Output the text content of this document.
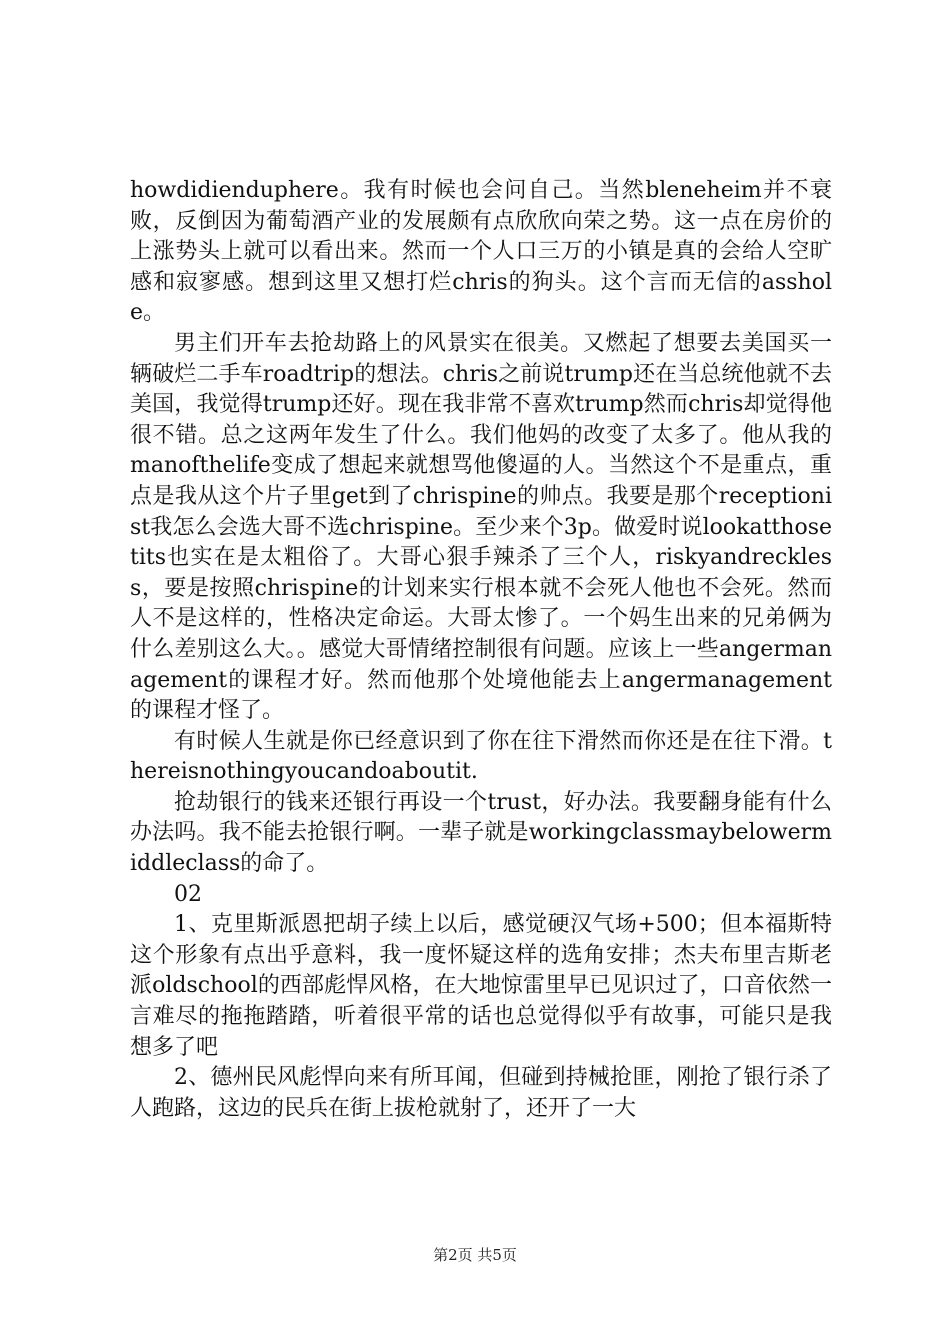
howdidienduphere。我有时候也会问自己。当然bleneheim并不衰败，反倒因为葡萄酒产业的发展颇有点欣欣向荣之势。这一点在房价的上涨势头上就可以看出来。然而一个人口三万的小镇是真的会给人空旷感和寂寥感。想到这里又想打烂chris的狗头。这个言而无信的asshole。

男主们开车去抢劫路上的风景实在很美。又燃起了想要去美国买一辆破烂二手车roadtrip的想法。chris之前说trump还在当总统他就不去美国，我觉得trump还好。现在我非常不喜欢trump然而chris却觉得他很不错。总之这两年发生了什么。我们他妈的改变了太多了。他从我的manofthelife变成了想起来就想骂他傻逼的人。当然这个不是重点，重点是我从这个片子里get到了chrispine的帅点。我要是那个receptionist我怎么会选大哥不选chrispine。至少来个3p。做爱时说lookatthosetits也实在是太粗俗了。大哥心狠手辣杀了三个人，riskyandreckless，要是按照chrispine的计划来实行根本就不会死人他也不会死。然而人不是这样的，性格决定命运。大哥太惨了。一个妈生出来的兄弟俩为什么差别这么大。。感觉大哥情绪控制很有问题。应该上一些angermanagement的课程才好。然而他那个处境他能去上angermanagement的课程才怪了。

有时候人生就是你已经意识到了你在往下滑然而你还是在往下滑。thereisnothingyoucandoaboutit.

抢劫银行的钱来还银行再设一个trust，好办法。我要翻身能有什么办法吗。我不能去抢银行啊。一辈子就是workingclassmaybelowermiddleclass的命了。

02

1、克里斯派恩把胡子续上以后，感觉硬汉气场+500；但本福斯特这个形象有点出乎意料，我一度怀疑这样的选角安排；杰夫布里吉斯老派oldschool的西部彪悍风格，在大地惊雷里早已见识过了，口音依然一言难尽的拖拖踏踏，听着很平常的话也总觉得似乎有故事，可能只是我想多了吧

2、德州民风彪悍向来有所耳闻，但碰到持械抢匪，刚抢了银行杀了人跑路，这边的民兵在街上拔枪就射了，还开了一大

第2页 共5页
